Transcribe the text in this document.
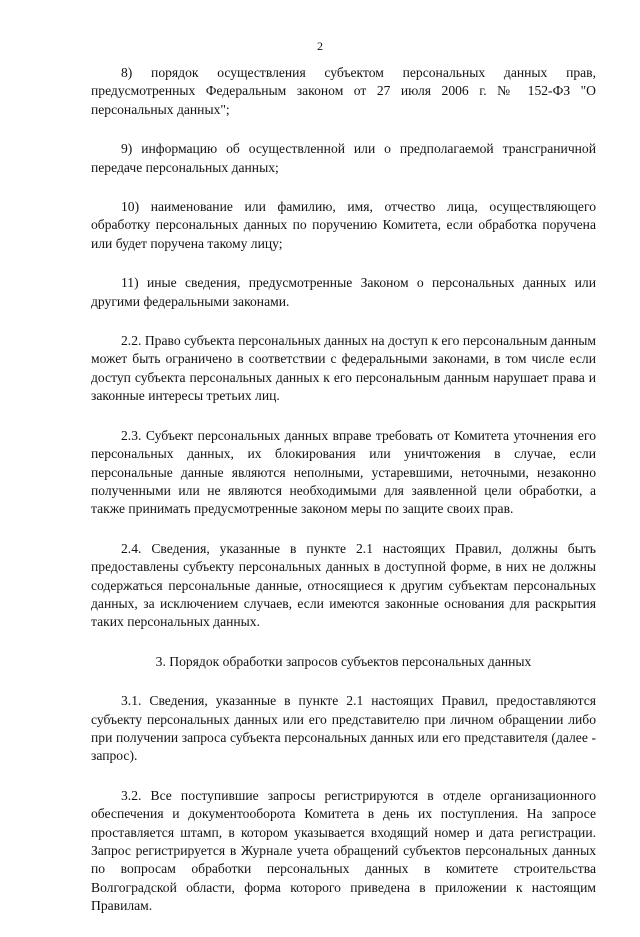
2

8) порядок осуществления субъектом персональных данных прав, предусмотренных Федеральным законом от 27 июля 2006 г. № 152-ФЗ "О персональных данных";

9) информацию об осуществленной или о предполагаемой трансграничной передаче персональных данных;

10) наименование или фамилию, имя, отчество лица, осуществляющего обработку персональных данных по поручению Комитета, если обработка поручена или будет поручена такому лицу;

11) иные сведения, предусмотренные Законом о персональных данных или другими федеральными законами.

2.2. Право субъекта персональных данных на доступ к его персональным данным может быть ограничено в соответствии с федеральными законами, в том числе если доступ субъекта персональных данных к его персональным данным нарушает права и законные интересы третьих лиц.

2.3. Субъект персональных данных вправе требовать от Комитета уточнения его персональных данных, их блокирования или уничтожения в случае, если персональные данные являются неполными, устаревшими, неточными, незаконно полученными или не являются необходимыми для заявленной цели обработки, а также принимать предусмотренные законом меры по защите своих прав.

2.4. Сведения, указанные в пункте 2.1 настоящих Правил, должны быть предоставлены субъекту персональных данных в доступной форме, в них не должны содержаться персональные данные, относящиеся к другим субъектам персональных данных, за исключением случаев, если имеются законные основания для раскрытия таких персональных данных.

3. Порядок обработки запросов субъектов персональных данных

3.1. Сведения, указанные в пункте 2.1 настоящих Правил, предоставляются субъекту персональных данных или его представителю при личном обращении либо при получении запроса субъекта персональных данных или его представителя (далее - запрос).

3.2. Все поступившие запросы регистрируются в отделе организационного обеспечения и документооборота Комитета в день их поступления. На запросе проставляется штамп, в котором указывается входящий номер и дата регистрации. Запрос регистрируется в Журнале учета обращений субъектов персональных данных по вопросам обработки персональных данных в комитете строительства Волгоградской области, форма которого приведена в приложении к настоящим Правилам.
